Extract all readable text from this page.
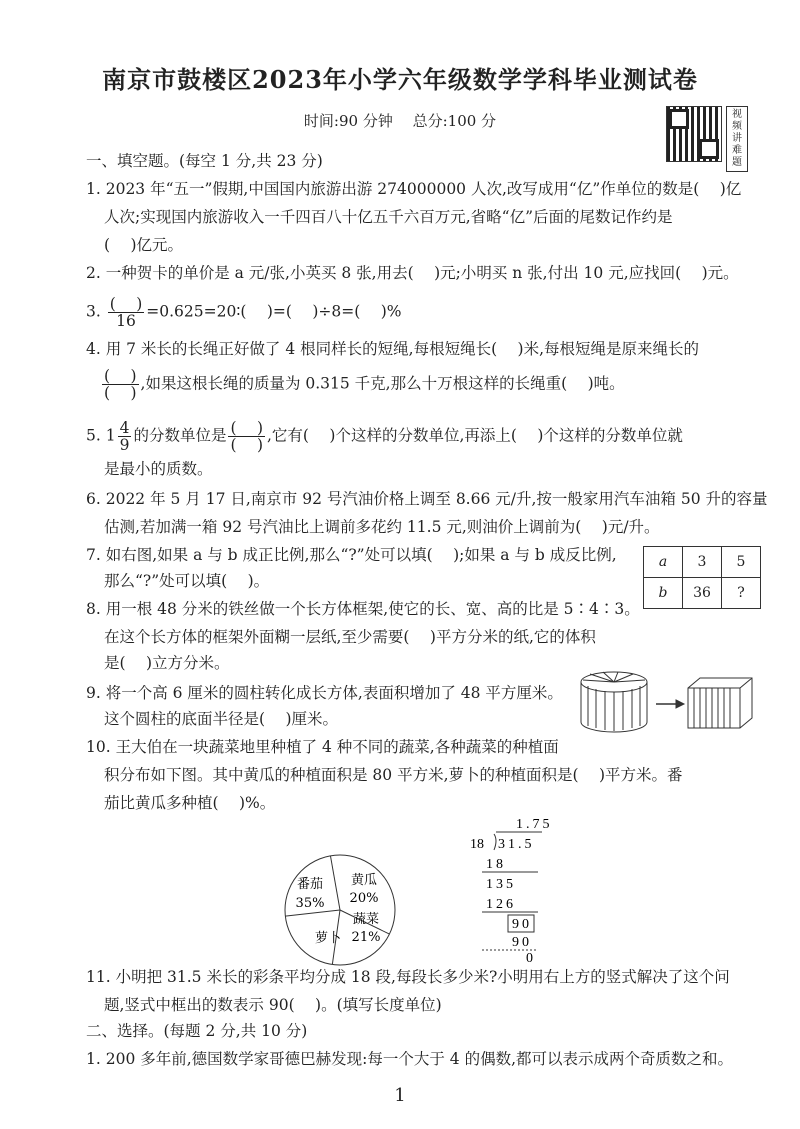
南京市鼓楼区2023年小学六年级数学学科毕业测试卷
时间:90 分钟　 总分:100 分	视频讲难题
一、填空题。(每空 1 分,共 23 分)
1. 2023 年“五一”假期,中国国内旅游出游 274000000 人次,改写成用“亿”作单位的数是(　 )亿
人次;实现国内旅游收入一千四百八十亿五千六百万元,省略“亿”后面的尾数记作约是
(　 )亿元。
2. 一种贺卡的单价是 a 元/张,小英买 8 张,用去(　 )元;小明买 n 张,付出 10 元,应找回(　 )元。
3. $\frac{( )}{16}$ =0.625=20∶(　 )=(　 )÷8=(　 )%
4. 用 7 米长的长绳正好做了 4 根同样长的短绳,每根短绳长(　 )米,每根短绳是原来绳长的
$\frac{( )}{( )}$ ,如果这根长绳的质量为 0.315 千克,那么十万根这样的长绳重(　 )吨。
5. $1 \frac{4}{9}$ 的分数单位是 $\frac{( )}{( )}$ ,它有(　 )个这样的分数单位,再添上(　 )个这样的分数单位就
是最小的质数。
6. 2022 年 5 月 17 日,南京市 92 号汽油价格上调至 8.66 元/升,按一般家用汽车油箱 50 升的容量
估测,若加满一箱 92 号汽油比上调前多花约 11.5 元,则油价上调前为(　 )元/升。
7. 如右图,如果 a 与 b 成正比例,那么“?”处可以填(　 );如果 a 与 b 成反比例,
那么“?”处可以填(　 )。
a	3	5
b	36	?
8. 用一根 48 分米的铁丝做一个长方体框架,使它的长、宽、高的比是 5∶4∶3。
在这个长方体的框架外面糊一层纸,至少需要(　 )平方分米的纸,它的体积
是(　 )立方分米。
9. 将一个高 6 厘米的圆柱转化成长方体,表面积增加了 48 平方厘米。
这个圆柱的底面半径是(　 )厘米。
10. 王大伯在一块蔬菜地里种植了 4 种不同的蔬菜,各种蔬菜的种植面
积分布如下图。其中黄瓜的种植面积是 80 平方米,萝卜的种植面积是(　 )平方米。番
茄比黄瓜多种植(　 )%。
番茄
35%
黄瓜
20%
蔬菜
21%
萝卜
1.75
18 31.5
18
135
126
90
90
0
11. 小明把 31.5 米长的彩条平均分成 18 段,每段长多少米?小明用右上方的竖式解决了这个问
题,竖式中框出的数表示 90(　 )。(填写长度单位)
二、选择。(每题 2 分,共 10 分)
1. 200 多年前,德国数学家哥德巴赫发现:每一个大于 4 的偶数,都可以表示成两个奇质数之和。
1
